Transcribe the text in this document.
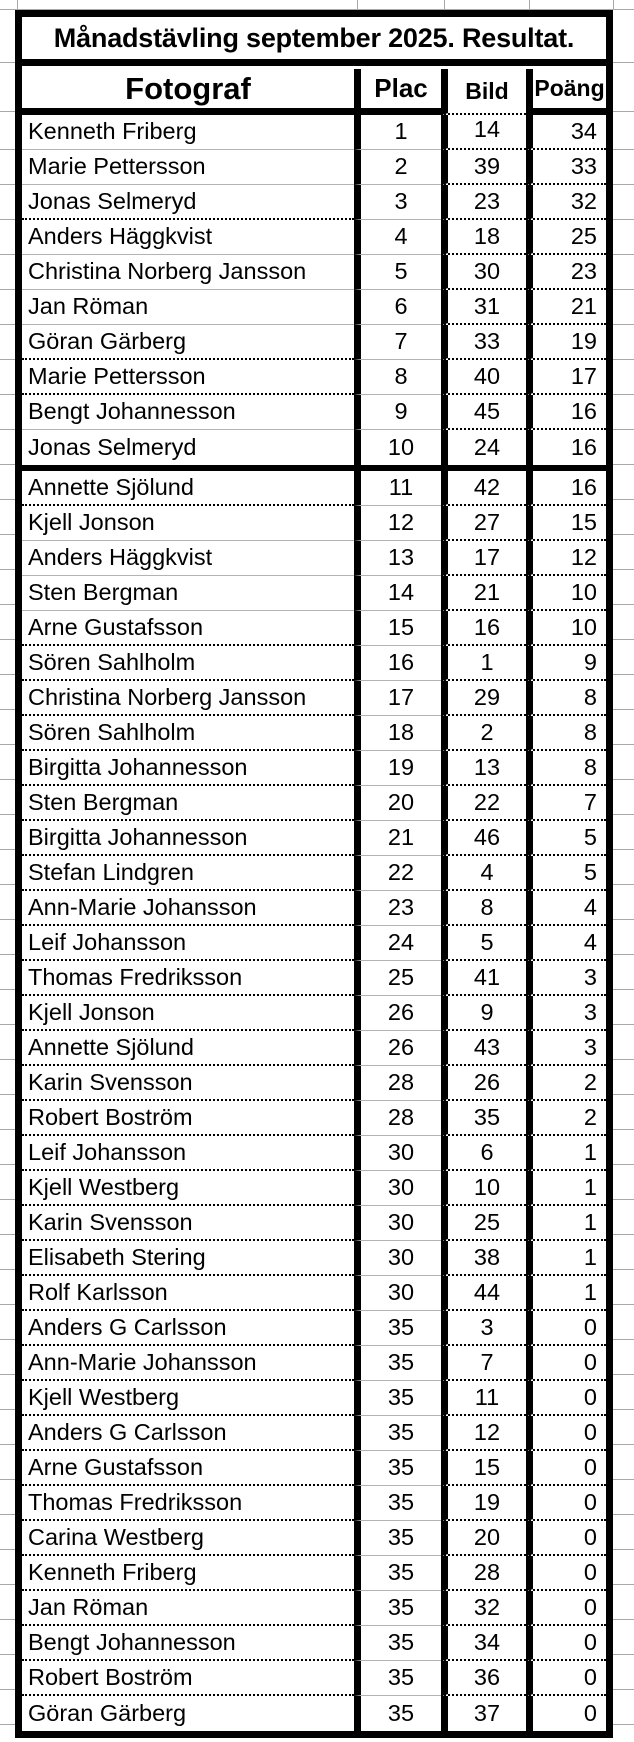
Månadstävling september 2025. Resultat.
Fotograf	Plac	Bild	Poäng
Kenneth Friberg	1	14	34
Marie Pettersson	2	39	33
Jonas Selmeryd	3	23	32
Anders Häggkvist	4	18	25
Christina Norberg Jansson	5	30	23
Jan Röman	6	31	21
Göran Gärberg	7	33	19
Marie Pettersson	8	40	17
Bengt Johannesson	9	45	16
Jonas Selmeryd	10	24	16
Annette Sjölund	11	42	16
Kjell Jonson	12	27	15
Anders Häggkvist	13	17	12
Sten Bergman	14	21	10
Arne Gustafsson	15	16	10
Sören Sahlholm	16	1	9
Christina Norberg Jansson	17	29	8
Sören Sahlholm	18	2	8
Birgitta Johannesson	19	13	8
Sten Bergman	20	22	7
Birgitta Johannesson	21	46	5
Stefan Lindgren	22	4	5
Ann-Marie Johansson	23	8	4
Leif Johansson	24	5	4
Thomas Fredriksson	25	41	3
Kjell Jonson	26	9	3
Annette Sjölund	26	43	3
Karin Svensson	28	26	2
Robert Boström	28	35	2
Leif Johansson	30	6	1
Kjell Westberg	30	10	1
Karin Svensson	30	25	1
Elisabeth Stering	30	38	1
Rolf Karlsson	30	44	1
Anders G Carlsson	35	3	0
Ann-Marie Johansson	35	7	0
Kjell Westberg	35	11	0
Anders G Carlsson	35	12	0
Arne Gustafsson	35	15	0
Thomas Fredriksson	35	19	0
Carina Westberg	35	20	0
Kenneth Friberg	35	28	0
Jan Röman	35	32	0
Bengt Johannesson	35	34	0
Robert Boström	35	36	0
Göran Gärberg	35	37	0
